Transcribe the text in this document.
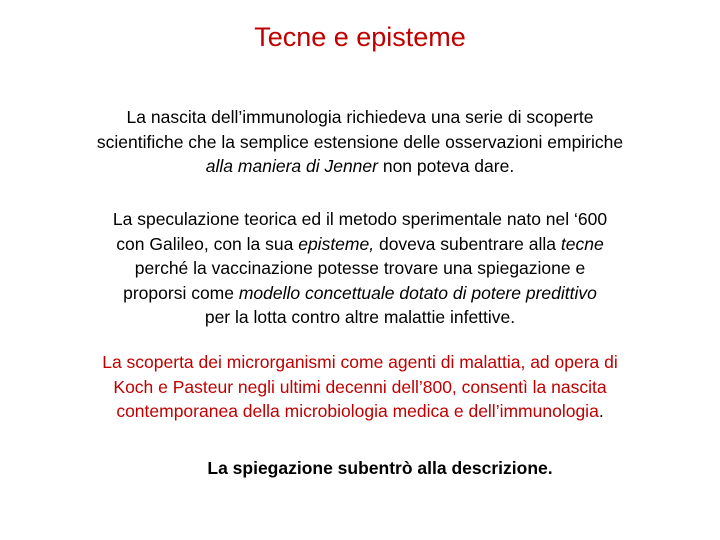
Tecne e episteme
La nascita dell’immunologia richiedeva una serie di scoperte
scientifiche che la semplice estensione delle osservazioni empiriche
alla maniera di Jenner non poteva dare.
La speculazione teorica ed il metodo sperimentale nato nel ‘600
con Galileo, con la sua episteme, doveva subentrare alla tecne
perché la vaccinazione potesse trovare una spiegazione e
proporsi come modello concettuale dotato di potere predittivo
per la lotta contro altre malattie infettive.
La scoperta dei microrganismi come agenti di malattia, ad opera di
Koch e Pasteur negli ultimi decenni dell’800, consentì la nascita
contemporanea della microbiologia medica e dell’immunologia.
La spiegazione subentrò alla descrizione.
